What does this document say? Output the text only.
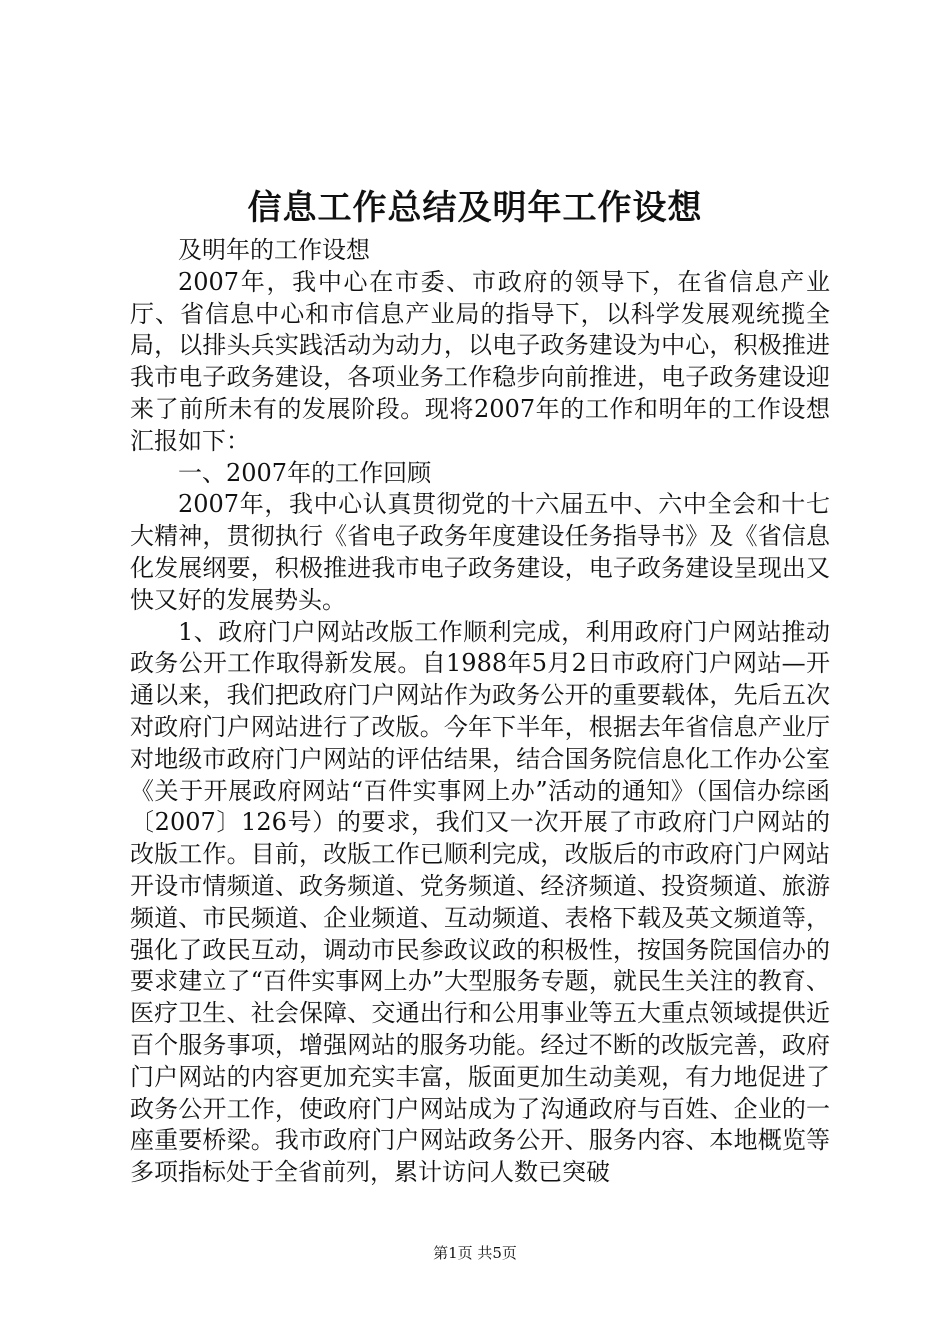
信息工作总结及明年工作设想

及明年的工作设想

2007年，我中心在市委、市政府的领导下，在省信息产业厅、省信息中心和市信息产业局的指导下，以科学发展观统揽全局，以排头兵实践活动为动力，以电子政务建设为中心，积极推进我市电子政务建设，各项业务工作稳步向前推进，电子政务建设迎来了前所未有的发展阶段。现将2007年的工作和明年的工作设想汇报如下：

一、2007年的工作回顾

2007年，我中心认真贯彻党的十六届五中、六中全会和十七大精神，贯彻执行《省电子政务年度建设任务指导书》及《省信息化发展纲要，积极推进我市电子政务建设，电子政务建设呈现出又快又好的发展势头。

1、政府门户网站改版工作顺利完成，利用政府门户网站推动政务公开工作取得新发展。自1988年5月2日市政府门户网站—开通以来，我们把政府门户网站作为政务公开的重要载体，先后五次对政府门户网站进行了改版。今年下半年，根据去年省信息产业厅对地级市政府门户网站的评估结果，结合国务院信息化工作办公室《关于开展政府网站“百件实事网上办”活动的通知》（国信办综函〔2007〕126号）的要求，我们又一次开展了市政府门户网站的改版工作。目前，改版工作已顺利完成，改版后的市政府门户网站开设市情频道、政务频道、党务频道、经济频道、投资频道、旅游频道、市民频道、企业频道、互动频道、表格下载及英文频道等，强化了政民互动，调动市民参政议政的积极性，按国务院国信办的要求建立了“百件实事网上办”大型服务专题，就民生关注的教育、医疗卫生、社会保障、交通出行和公用事业等五大重点领域提供近百个服务事项，增强网站的服务功能。经过不断的改版完善，政府门户网站的内容更加充实丰富，版面更加生动美观，有力地促进了政务公开工作，使政府门户网站成为了沟通政府与百姓、企业的一座重要桥梁。我市政府门户网站政务公开、服务内容、本地概览等多项指标处于全省前列，累计访问人数已突破

第1页 共5页
